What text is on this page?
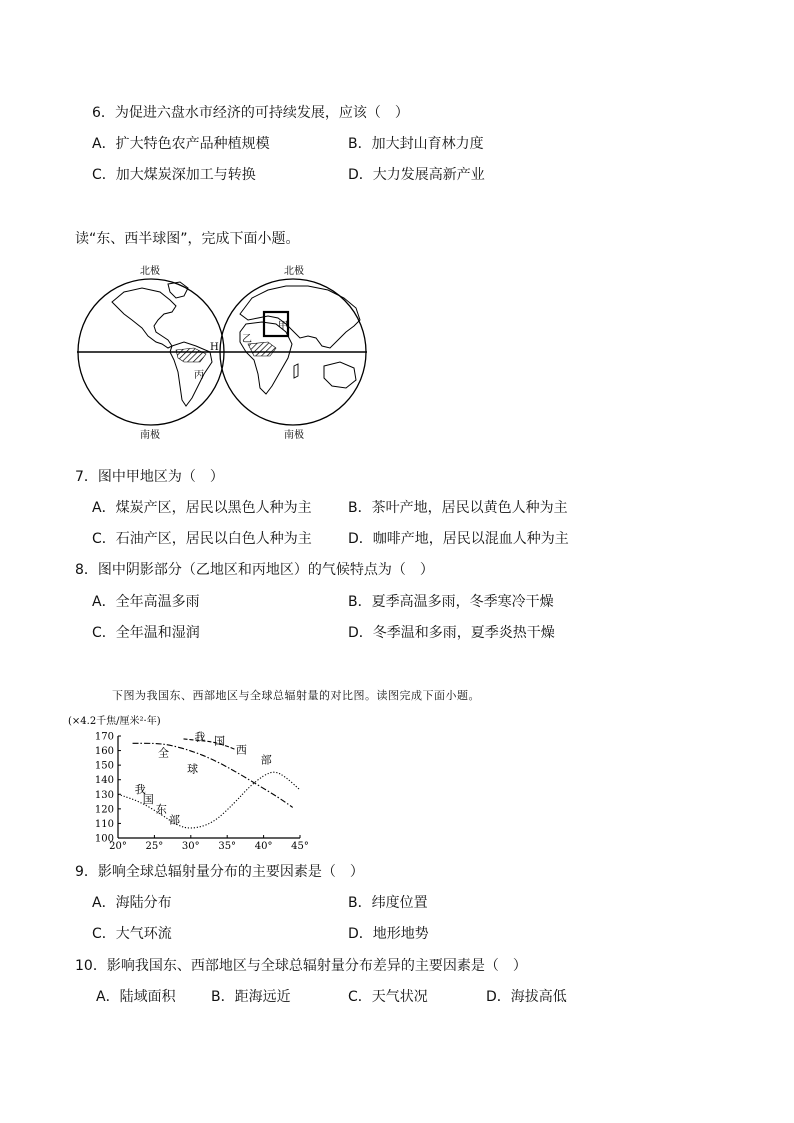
6．为促进六盘水市经济的可持续发展，应该（　）
A．扩大特色农产品种植规模	B．加大封山育林力度
C．加大煤炭深加工与转换	D．大力发展高新产业
读“东、西半球图”，完成下面小题。
北极	北极
南极	南极
H
丙
乙
甲
7．图中甲地区为（　）
A．煤炭产区，居民以黑色人种为主	B．茶叶产地，居民以黄色人种为主
C．石油产区，居民以白色人种为主	D．咖啡产地，居民以混血人种为主
8．图中阴影部分（乙地区和丙地区）的气候特点为（　）
A．全年高温多雨	B．夏季高温多雨，冬季寒冷干燥
C．全年温和湿润	D．冬季温和多雨，夏季炎热干燥
下图为我国东、西部地区与全球总辐射量的对比图。读图完成下面小题。
(×4.2千焦/厘米²·年)
100
110
120
130
140
150
160
170
20° 25° 30° 35° 40° 45°
全
球
我 国
西
部
我
国
东
部
9．影响全球总辐射量分布的主要因素是（　）
A．海陆分布	B．纬度位置
C．大气环流	D．地形地势
10．影响我国东、西部地区与全球总辐射量分布差异的主要因素是（　）
A．陆域面积	B．距海远近	C．天气状况	D．海拔高低
